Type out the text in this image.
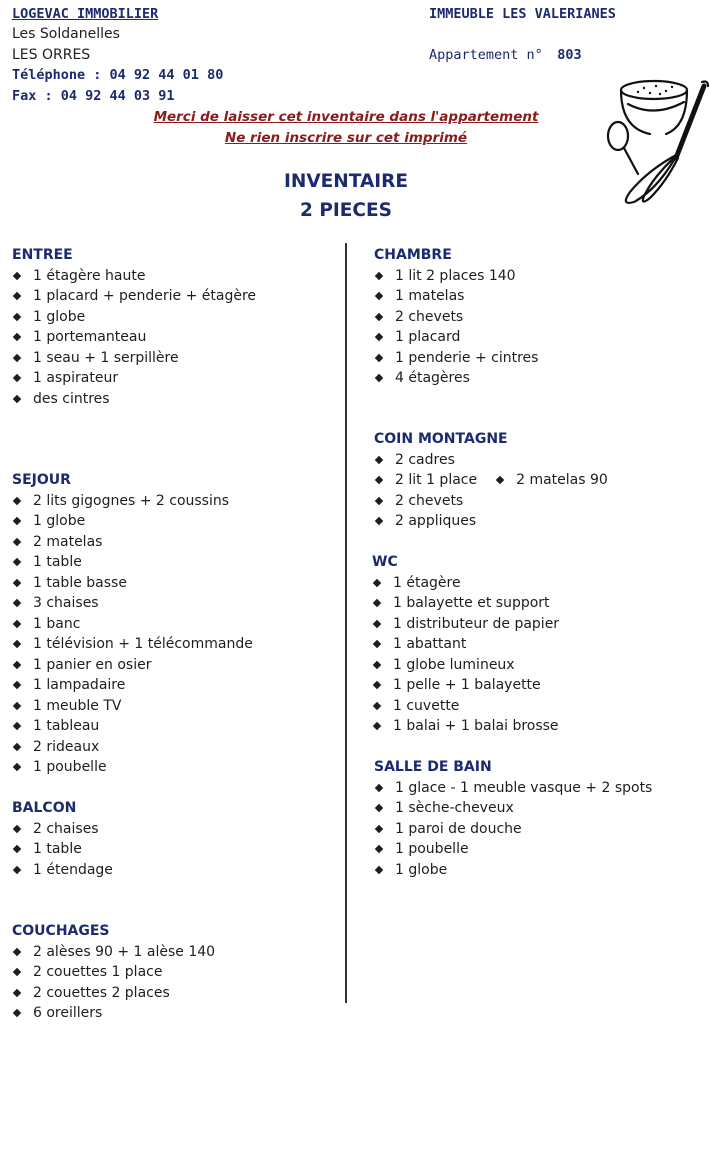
LOGEVAC IMMOBILIER
Les Soldanelles
LES ORRES
Téléphone : 04 92 44 01 80
Fax : 04 92 44 03 91
IMMEUBLE LES VALERIANES
Appartement n° 803
Merci de laisser cet inventaire dans l'appartement
Ne rien inscrire sur cet imprimé
INVENTAIRE
2 PIECES
ENTREE
1 étagère haute
1 placard + penderie + étagère
1 globe
1 portemanteau
1 seau + 1 serpillère
1 aspirateur
des cintres
SEJOUR
2 lits gigognes + 2 coussins
1 globe
2 matelas
1 table
1 table basse
3 chaises
1 banc
1 télévision + 1 télécommande
1 panier en osier
1 lampadaire
1 meuble TV
1 tableau
2 rideaux
1 poubelle
BALCON
2 chaises
1 table
1 étendage
COUCHAGES
2 alèses 90 + 1 alèse 140
2 couettes 1 place
2 couettes 2 places
6 oreillers
CHAMBRE
1 lit 2 places 140
1 matelas
2 chevets
1 placard
1 penderie + cintres
4 étagères
COIN MONTAGNE
2 cadres
2 lit 1 place	2 matelas 90
2 chevets
2 appliques
WC
1 étagère
1 balayette et support
1 distributeur de papier
1 abattant
1 globe lumineux
1 pelle + 1 balayette
1 cuvette
1 balai + 1 balai brosse
SALLE DE BAIN
1 glace - 1 meuble vasque + 2 spots
1 sèche-cheveux
1 paroi de douche
1 poubelle
1 globe
